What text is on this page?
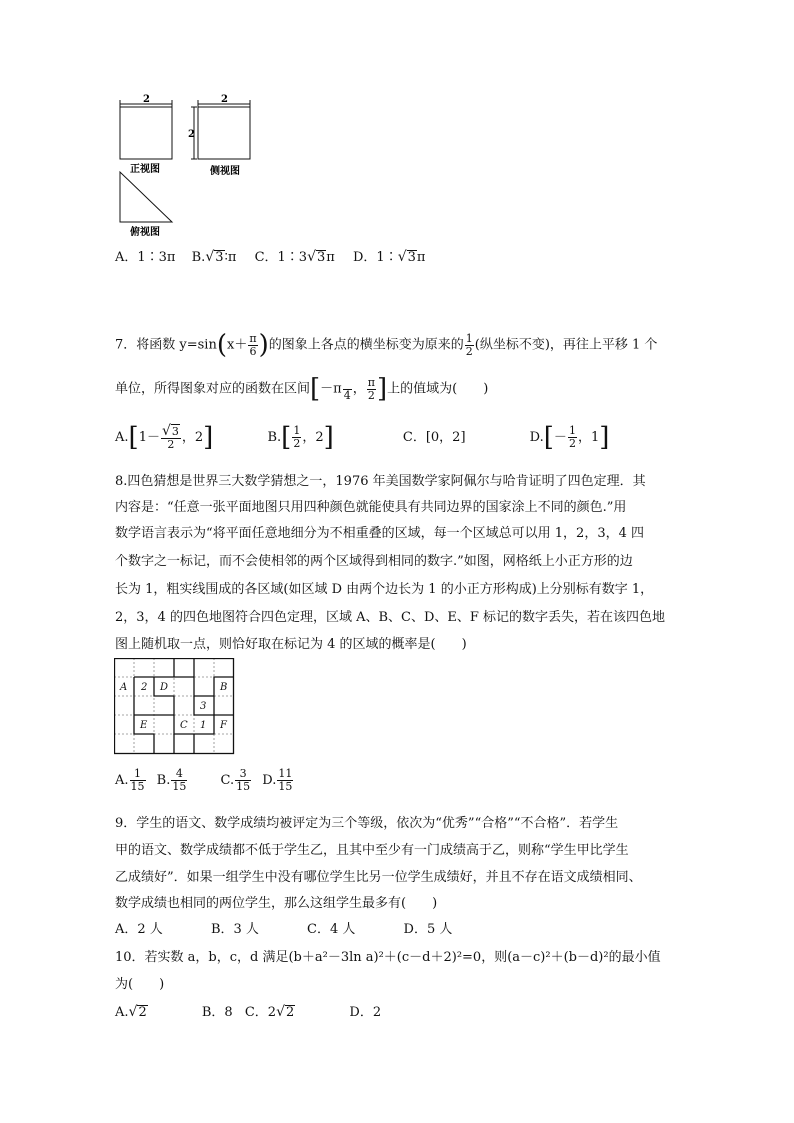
2
正视图
2
2
侧视图
俯视图
A．1∶3π B.√3∶π C．1∶3√3π D．1∶√3π
7．将函数 $y=\sin(x+ \frac{\pi}{6}$ )的图象上各点的横坐标变为原来的 $\frac{1}{2}$ (纵坐标不变)，再往上平移 1 个
单位，所得图象对应的函数在区间[－π 4 ， $\frac{\pi}{2}$ ]上的值域为(　　)
$A.[1- \frac{√3}{2}$ ，2]	$B.[ \frac{1}{2}$ ，2]	C．[0，2]	$D.[- \frac{1}{2}$ ，1]
8.四色猜想是世界三大数学猜想之一，1976 年美国数学家阿佩尔与哈肯证明了四色定理．其
内容是：“任意一张平面地图只用四种颜色就能使具有共同边界的国家涂上不同的颜色.”用
数学语言表示为“将平面任意地细分为不相重叠的区域，每一个区域总可以用 1，2，3，4 四
个数字之一标记，而不会使相邻的两个区域得到相同的数字.”如图，网格纸上小正方形的边
长为 1，粗实线围成的各区域(如区域 D 由两个边长为 1 的小正方形构成)上分别标有数字 1，
2，3，4 的四色地图符合四色定理，区域 A、B、C、D、E、F 标记的数字丢失，若在该四色地
图上随机取一点，则恰好取在标记为 4 的区域的概率是(　　)
A 2 D	B
3
E	C 1 F
A. $\frac{1}{15} B$. $\frac{4}{15}$	C. $\frac{3}{15} D$. $\frac{11}{15}$
9．学生的语文、数学成绩均被评定为三个等级，依次为“优秀”“合格”“不合格”．若学生
甲的语文、数学成绩都不低于学生乙，且其中至少有一门成绩高于乙，则称“学生甲比学生
乙成绩好”．如果一组学生中没有哪位学生比另一位学生成绩好，并且不存在语文成绩相同、
数学成绩也相同的两位学生，那么这组学生最多有(　　)
A．2 人	B．3 人	C．4 人	D．5 人
10．若实数 a，b，c，d 满足(b＋a²－3ln a)²＋(c－d＋2)²=0，则(a－c)²＋(b－d)²的最小值
为(　　)
A.√2	B．8 C．2√2	D．2
